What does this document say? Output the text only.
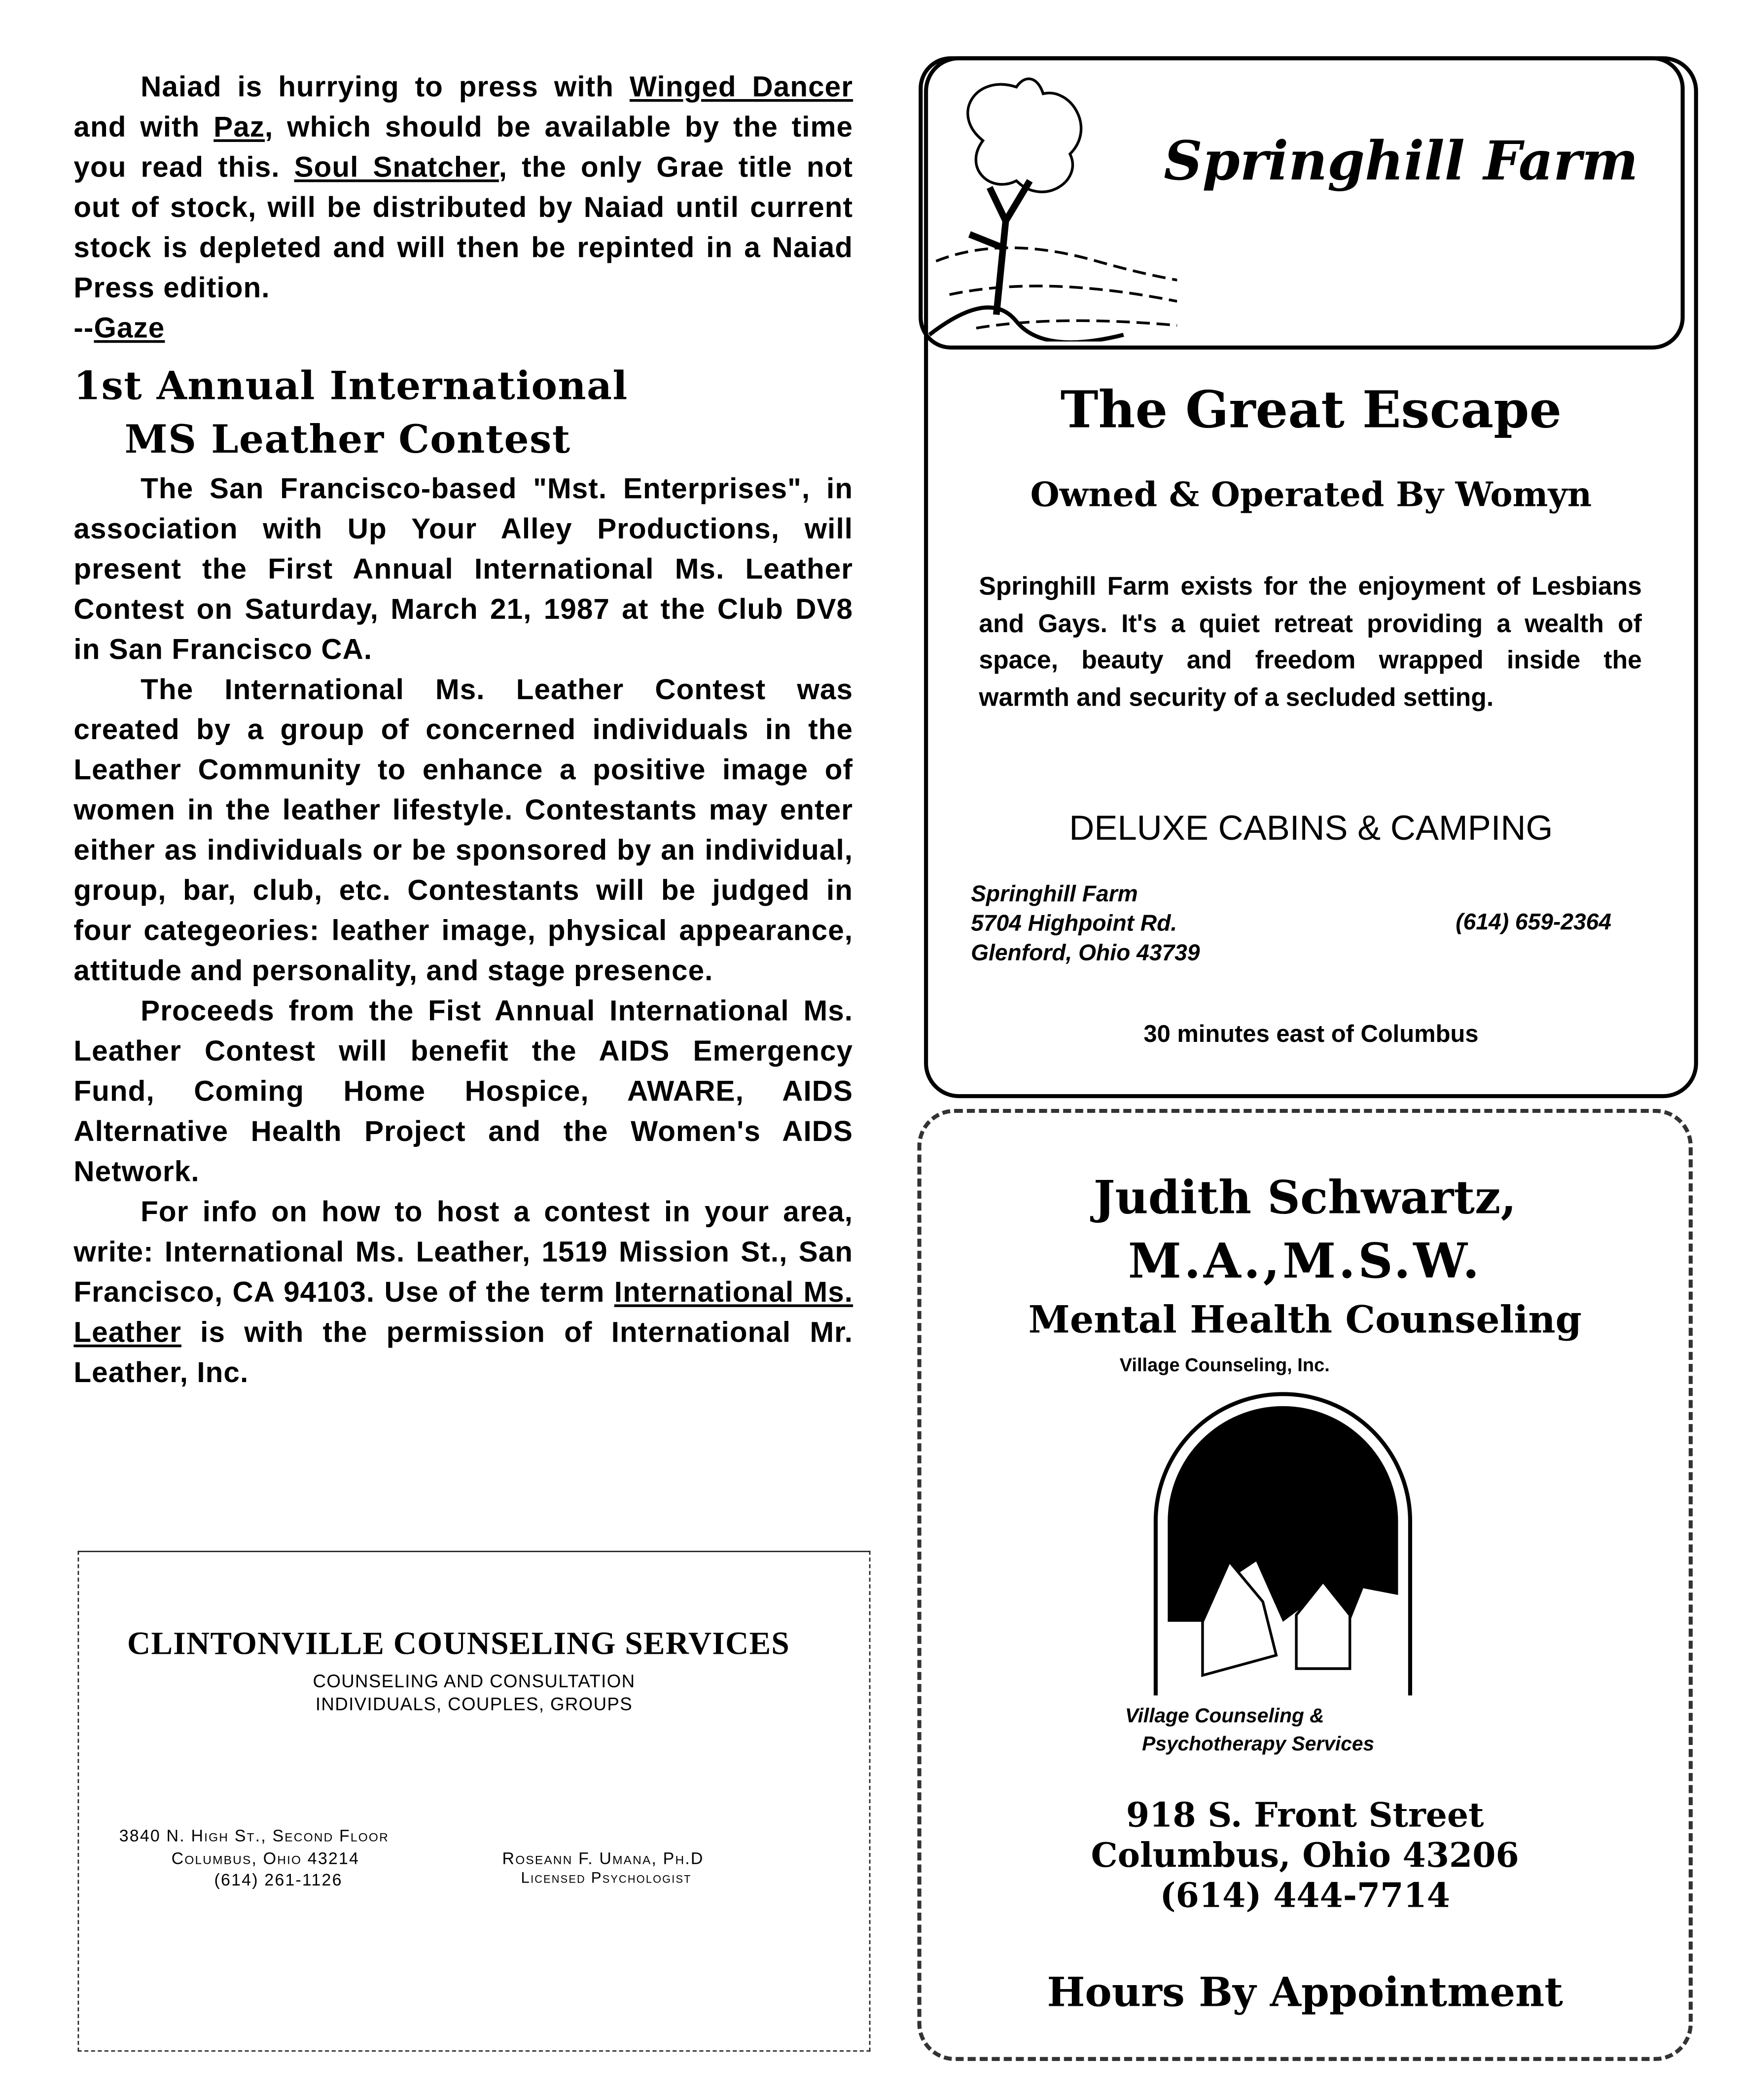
Naiad is hurrying to press with Winged Dancer and with Paz, which should be available by the time you read this. Soul Snatcher, the only Grae title not out of stock, will be distributed by Naiad until current stock is depleted and will then be repinted in a Naiad Press edition.

--Gaze

1st Annual International
MS Leather Contest

The San Francisco-based "Mst. Enterprises", in association with Up Your Alley Productions, will present the First Annual International Ms. Leather Contest on Saturday, March 21, 1987 at the Club DV8 in San Francisco CA.

The International Ms. Leather Contest was created by a group of concerned individuals in the Leather Community to enhance a positive image of women in the leather lifestyle. Contestants may enter either as individuals or be sponsored by an individual, group, bar, club, etc. Contestants will be judged in four categeories: leather image, physical appearance, attitude and personality, and stage presence.

Proceeds from the Fist Annual International Ms. Leather Contest will benefit the AIDS Emergency Fund, Coming Home Hospice, AWARE, AIDS Alternative Health Project and the Women's AIDS Network.

For info on how to host a contest in your area, write: International Ms. Leather, 1519 Mission St., San Francisco, CA 94103. Use of the term International Ms. Leather is with the permission of International Mr. Leather, Inc.

CLINTONVILLE COUNSELING SERVICES
COUNSELING AND CONSULTATION
INDIVIDUALS, COUPLES, GROUPS
3840 N. High St., Second Floor
Columbus, Ohio 43214
(614) 261-1126
Roseann F. Umana, Ph.D
Licensed Psychologist
Springhill Farm
The Great Escape
Owned & Operated By Womyn
Springhill Farm exists for the enjoyment of Lesbians and Gays. It's a quiet retreat providing a wealth of space, beauty and freedom wrapped inside the warmth and security of a secluded setting.
DELUXE CABINS & CAMPING
Springhill Farm
5704 Highpoint Rd.
Glenford, Ohio 43739
(614) 659-2364
30 minutes east of Columbus
Judith Schwartz,
M.A.,M.S.W.
Mental Health Counseling
Village Counseling, Inc.
Village Counseling &
Psychotherapy Services
918 S. Front Street
Columbus, Ohio 43206
(614) 444-7714
Hours By Appointment
